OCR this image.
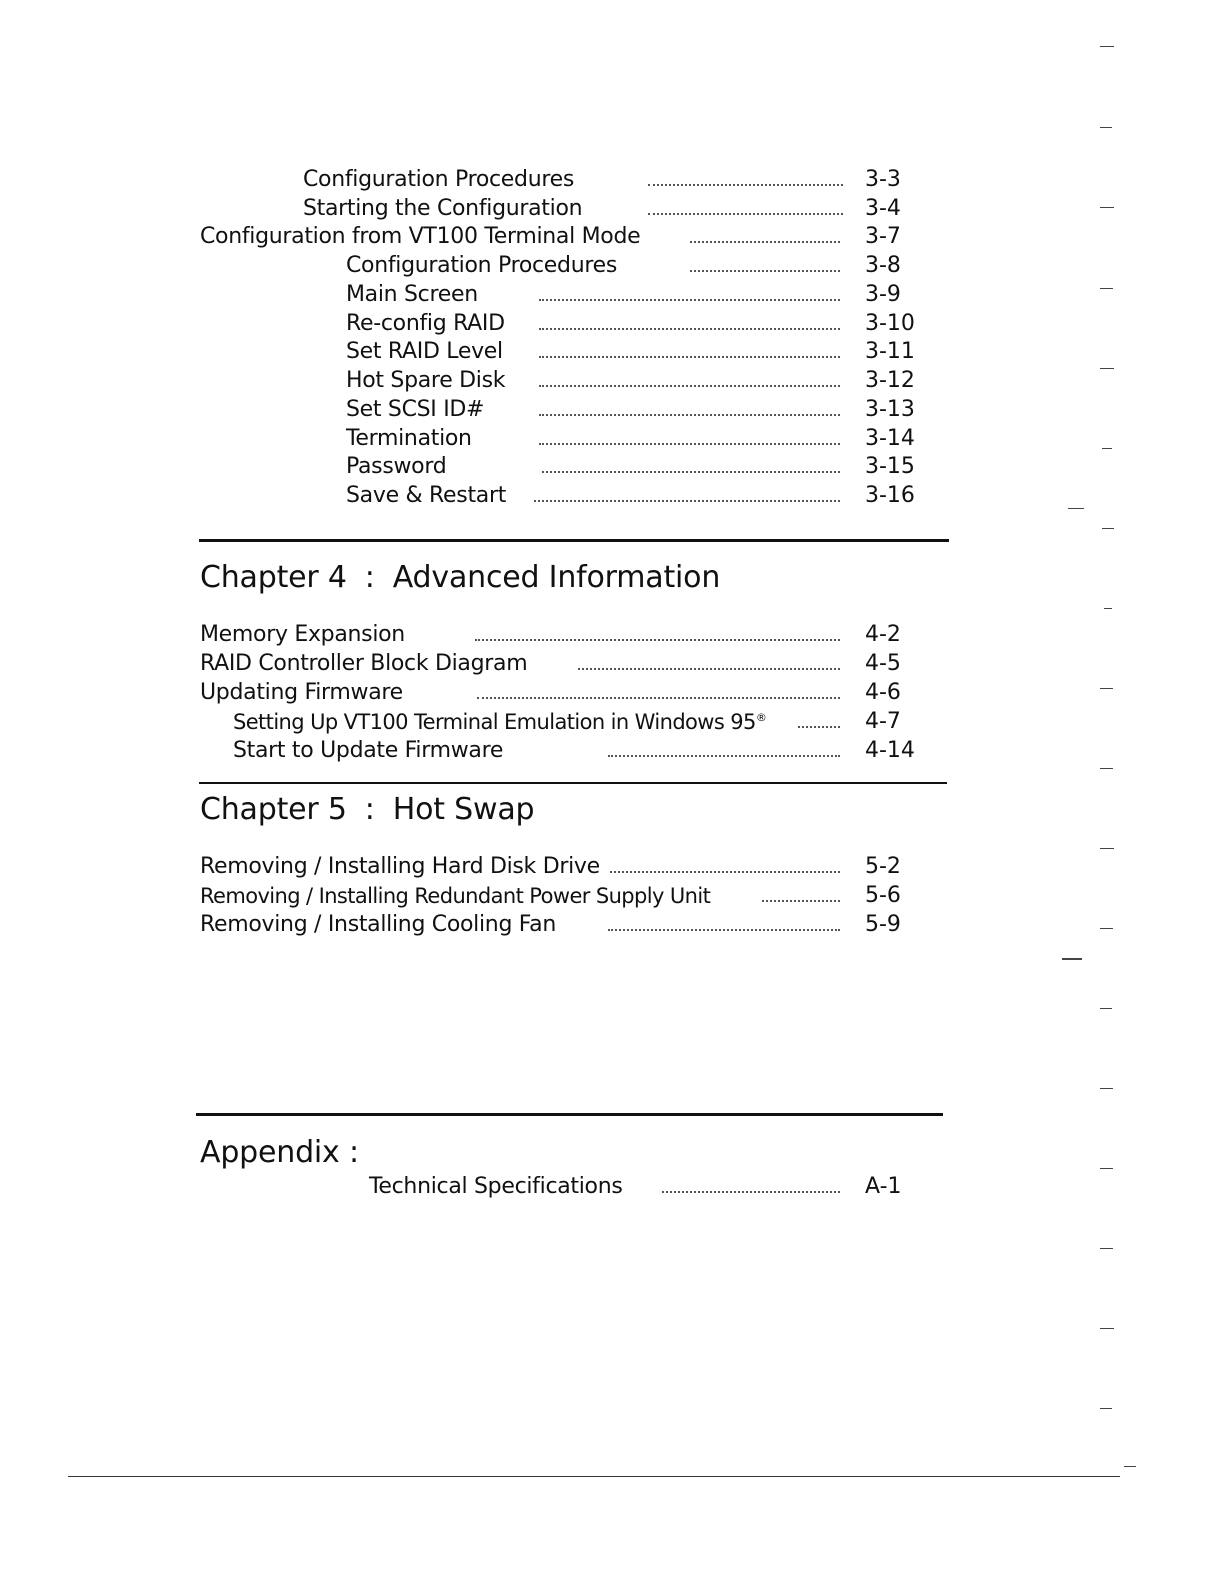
Configuration Procedures	3-3
Starting the Configuration	3-4
Configuration from VT100 Terminal Mode	3-7
Configuration Procedures	3-8
Main Screen	3-9
Re-config RAID	3-10
Set RAID Level	3-11
Hot Spare Disk	3-12
Set SCSI ID#	3-13
Termination	3-14
Password	3-15
Save & Restart	3-16
Chapter 4 : Advanced Information
Memory Expansion	4-2
RAID Controller Block Diagram	4-5
Updating Firmware	4-6
Setting Up VT100 Terminal Emulation in Windows 95®	4-7
Start to Update Firmware	4-14
Chapter 5 : Hot Swap
Removing / Installing Hard Disk Drive	5-2
Removing / Installing Redundant Power Supply Unit	5-6
Removing / Installing Cooling Fan	5-9
Appendix :
Technical Specifications	A-1
